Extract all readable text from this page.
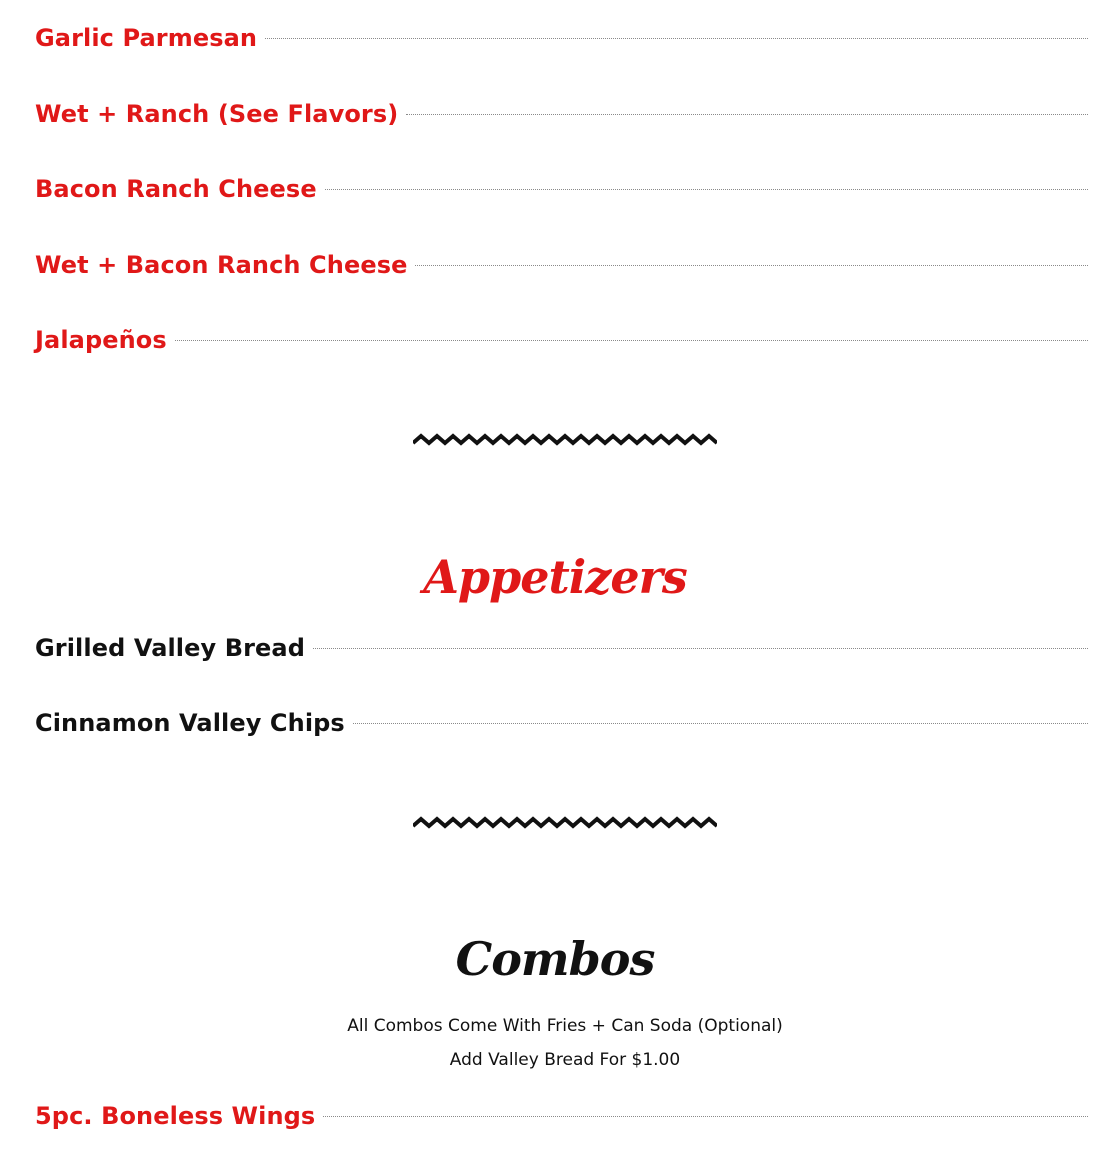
Garlic Parmesan
Wet + Ranch (See Flavors)
Bacon Ranch Cheese
Wet + Bacon Ranch Cheese
Jalapeños
Appetizers
Grilled Valley Bread
Cinnamon Valley Chips
Combos
All Combos Come With Fries + Can Soda (Optional)
Add Valley Bread For $1.00
5pc. Boneless Wings
